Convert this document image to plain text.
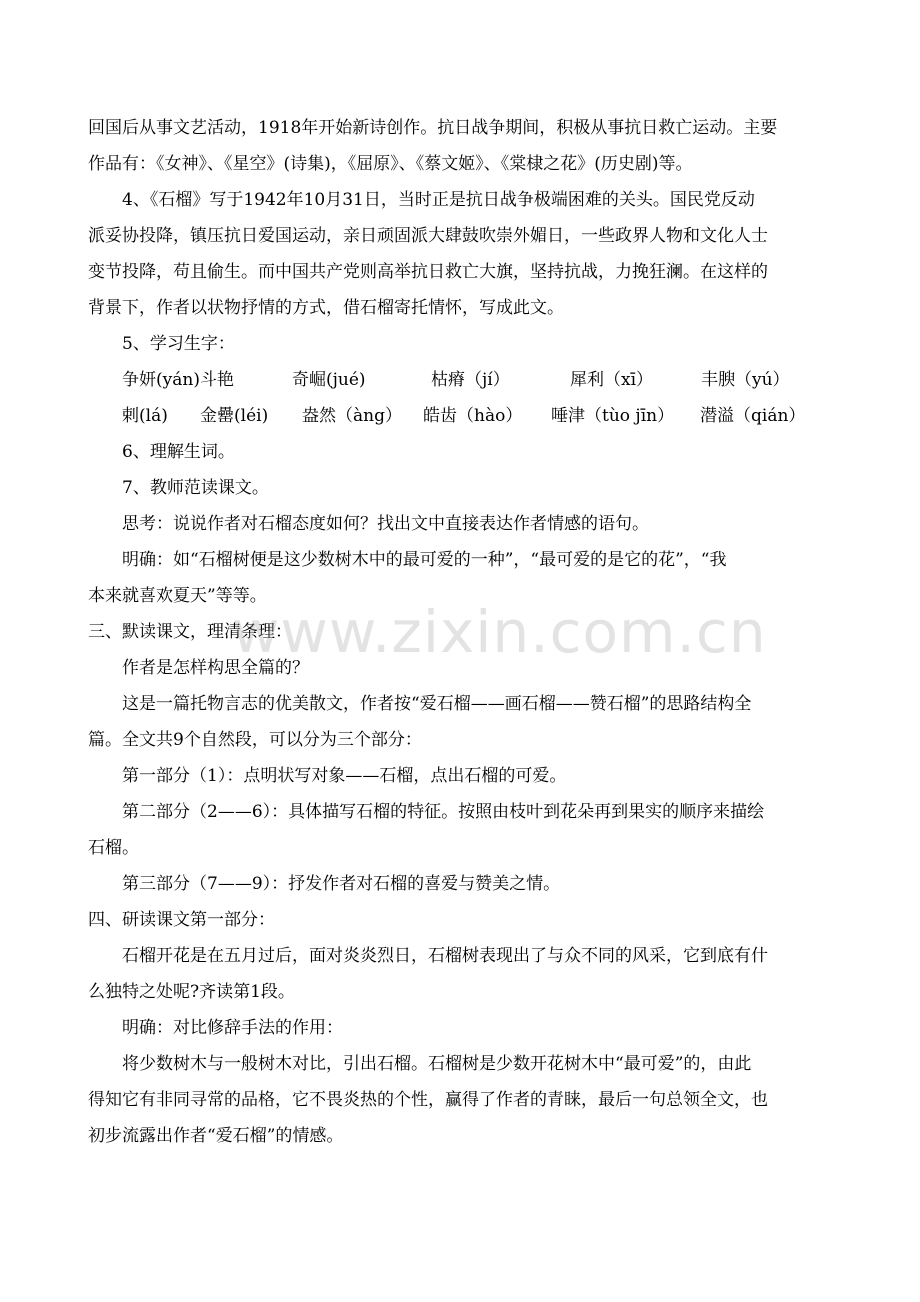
回国后从事文艺活动，1918年开始新诗创作。抗日战争期间，积极从事抗日救亡运动。主要
作品有：《女神》、《星空》(诗集)，《屈原》、《蔡文姬》、《棠棣之花》(历史剧)等。
4、《石榴》写于1942年10月31日，当时正是抗日战争极端困难的关头。国民党反动
派妥协投降，镇压抗日爱国运动，亲日顽固派大肆鼓吹崇外媚日，一些政界人物和文化人士
变节投降，苟且偷生。而中国共产党则高举抗日救亡大旗，坚持抗战，力挽狂澜。在这样的
背景下，作者以状物抒情的方式，借石榴寄托情怀，写成此文。
5、学习生字：
争妍(yán)斗艳	奇崛(jué)	枯瘠（jí）	犀利（xī）	丰腴（yú）
剌(lá) 金罍(léi) 盎然（àng） 皓齿（hào） 唾津（tùo jīn） 潜溢（qián）
6、理解生词。
7、教师范读课文。
思考：说说作者对石榴态度如何？找出文中直接表达作者情感的语句。
明确：如“石榴树便是这少数树木中的最可爱的一种”，“最可爱的是它的花”，“我
本来就喜欢夏天”等等。
三、默读课文，理清条理：
作者是怎样构思全篇的？
这是一篇托物言志的优美散文，作者按“爱石榴——画石榴——赞石榴”的思路结构全
篇。全文共9个自然段，可以分为三个部分：
第一部分（1）：点明状写对象——石榴，点出石榴的可爱。
第二部分（2——6）：具体描写石榴的特征。按照由枝叶到花朵再到果实的顺序来描绘
石榴。
第三部分（7——9）：抒发作者对石榴的喜爱与赞美之情。
四、研读课文第一部分：
石榴开花是在五月过后，面对炎炎烈日，石榴树表现出了与众不同的风采，它到底有什
么独特之处呢?齐读第1段。
明确：对比修辞手法的作用：
将少数树木与一般树木对比，引出石榴。石榴树是少数开花树木中“最可爱”的，由此
得知它有非同寻常的品格，它不畏炎热的个性，赢得了作者的青睐，最后一句总领全文，也
初步流露出作者“爱石榴”的情感。
www.zixin.com.cn
